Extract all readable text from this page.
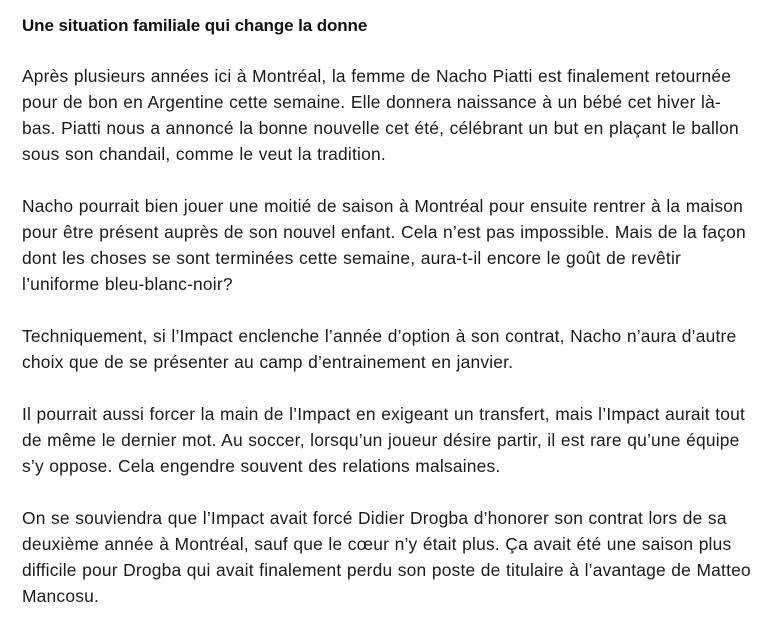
Une situation familiale qui change la donne

Après plusieurs années ici à Montréal, la femme de Nacho Piatti est finalement retournée pour de bon en Argentine cette semaine. Elle donnera naissance à un bébé cet hiver là-bas. Piatti nous a annoncé la bonne nouvelle cet été, célébrant un but en plaçant le ballon sous son chandail, comme le veut la tradition.

Nacho pourrait bien jouer une moitié de saison à Montréal pour ensuite rentrer à la maison pour être présent auprès de son nouvel enfant. Cela n’est pas impossible. Mais de la façon dont les choses se sont terminées cette semaine, aura-t-il encore le goût de revêtir l’uniforme bleu-blanc-noir?

Techniquement, si l’Impact enclenche l’année d’option à son contrat, Nacho n’aura d’autre choix que de se présenter au camp d’entrainement en janvier.

Il pourrait aussi forcer la main de l’Impact en exigeant un transfert, mais l’Impact aurait tout de même le dernier mot. Au soccer, lorsqu’un joueur désire partir, il est rare qu’une équipe s’y oppose. Cela engendre souvent des relations malsaines.

On se souviendra que l’Impact avait forcé Didier Drogba d’honorer son contrat lors de sa deuxième année à Montréal, sauf que le cœur n’y était plus. Ça avait été une saison plus difficile pour Drogba qui avait finalement perdu son poste de titulaire à l’avantage de Matteo Mancosu.
